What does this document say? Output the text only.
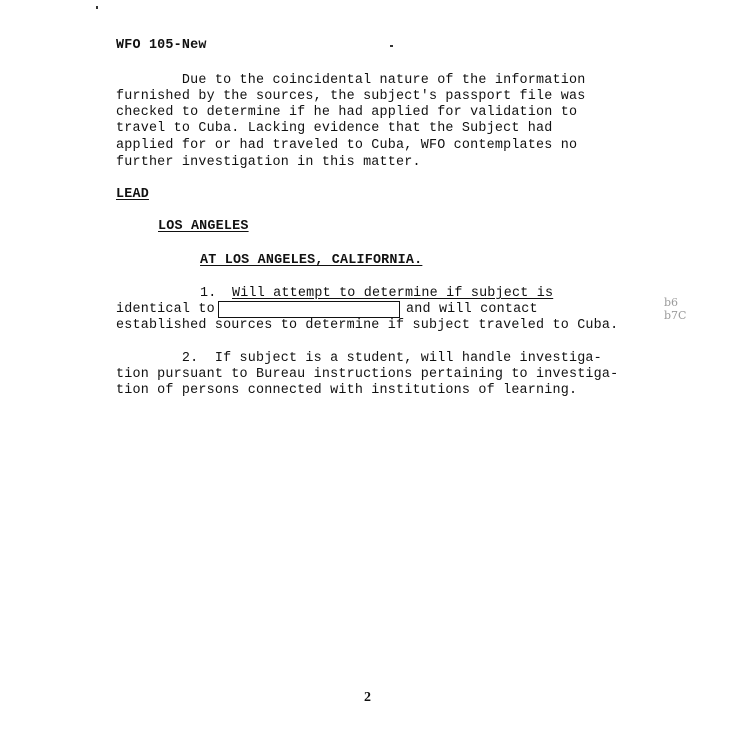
WFO 105-New
Due to the coincidental nature of the information
furnished by the sources, the subject's passport file was
checked to determine if he had applied for validation to
travel to Cuba. Lacking evidence that the Subject had
applied for or had traveled to Cuba, WFO contemplates no
further investigation in this matter.
LEAD
LOS ANGELES
AT LOS ANGELES, CALIFORNIA.
1. Will attempt to determine if subject is
identical to	and will contact
established sources to determine if subject traveled to Cuba.
2.  If subject is a student, will handle investiga-
tion pursuant to Bureau instructions pertaining to investiga-
tion of persons connected with institutions of learning.
b6
b7C
2
